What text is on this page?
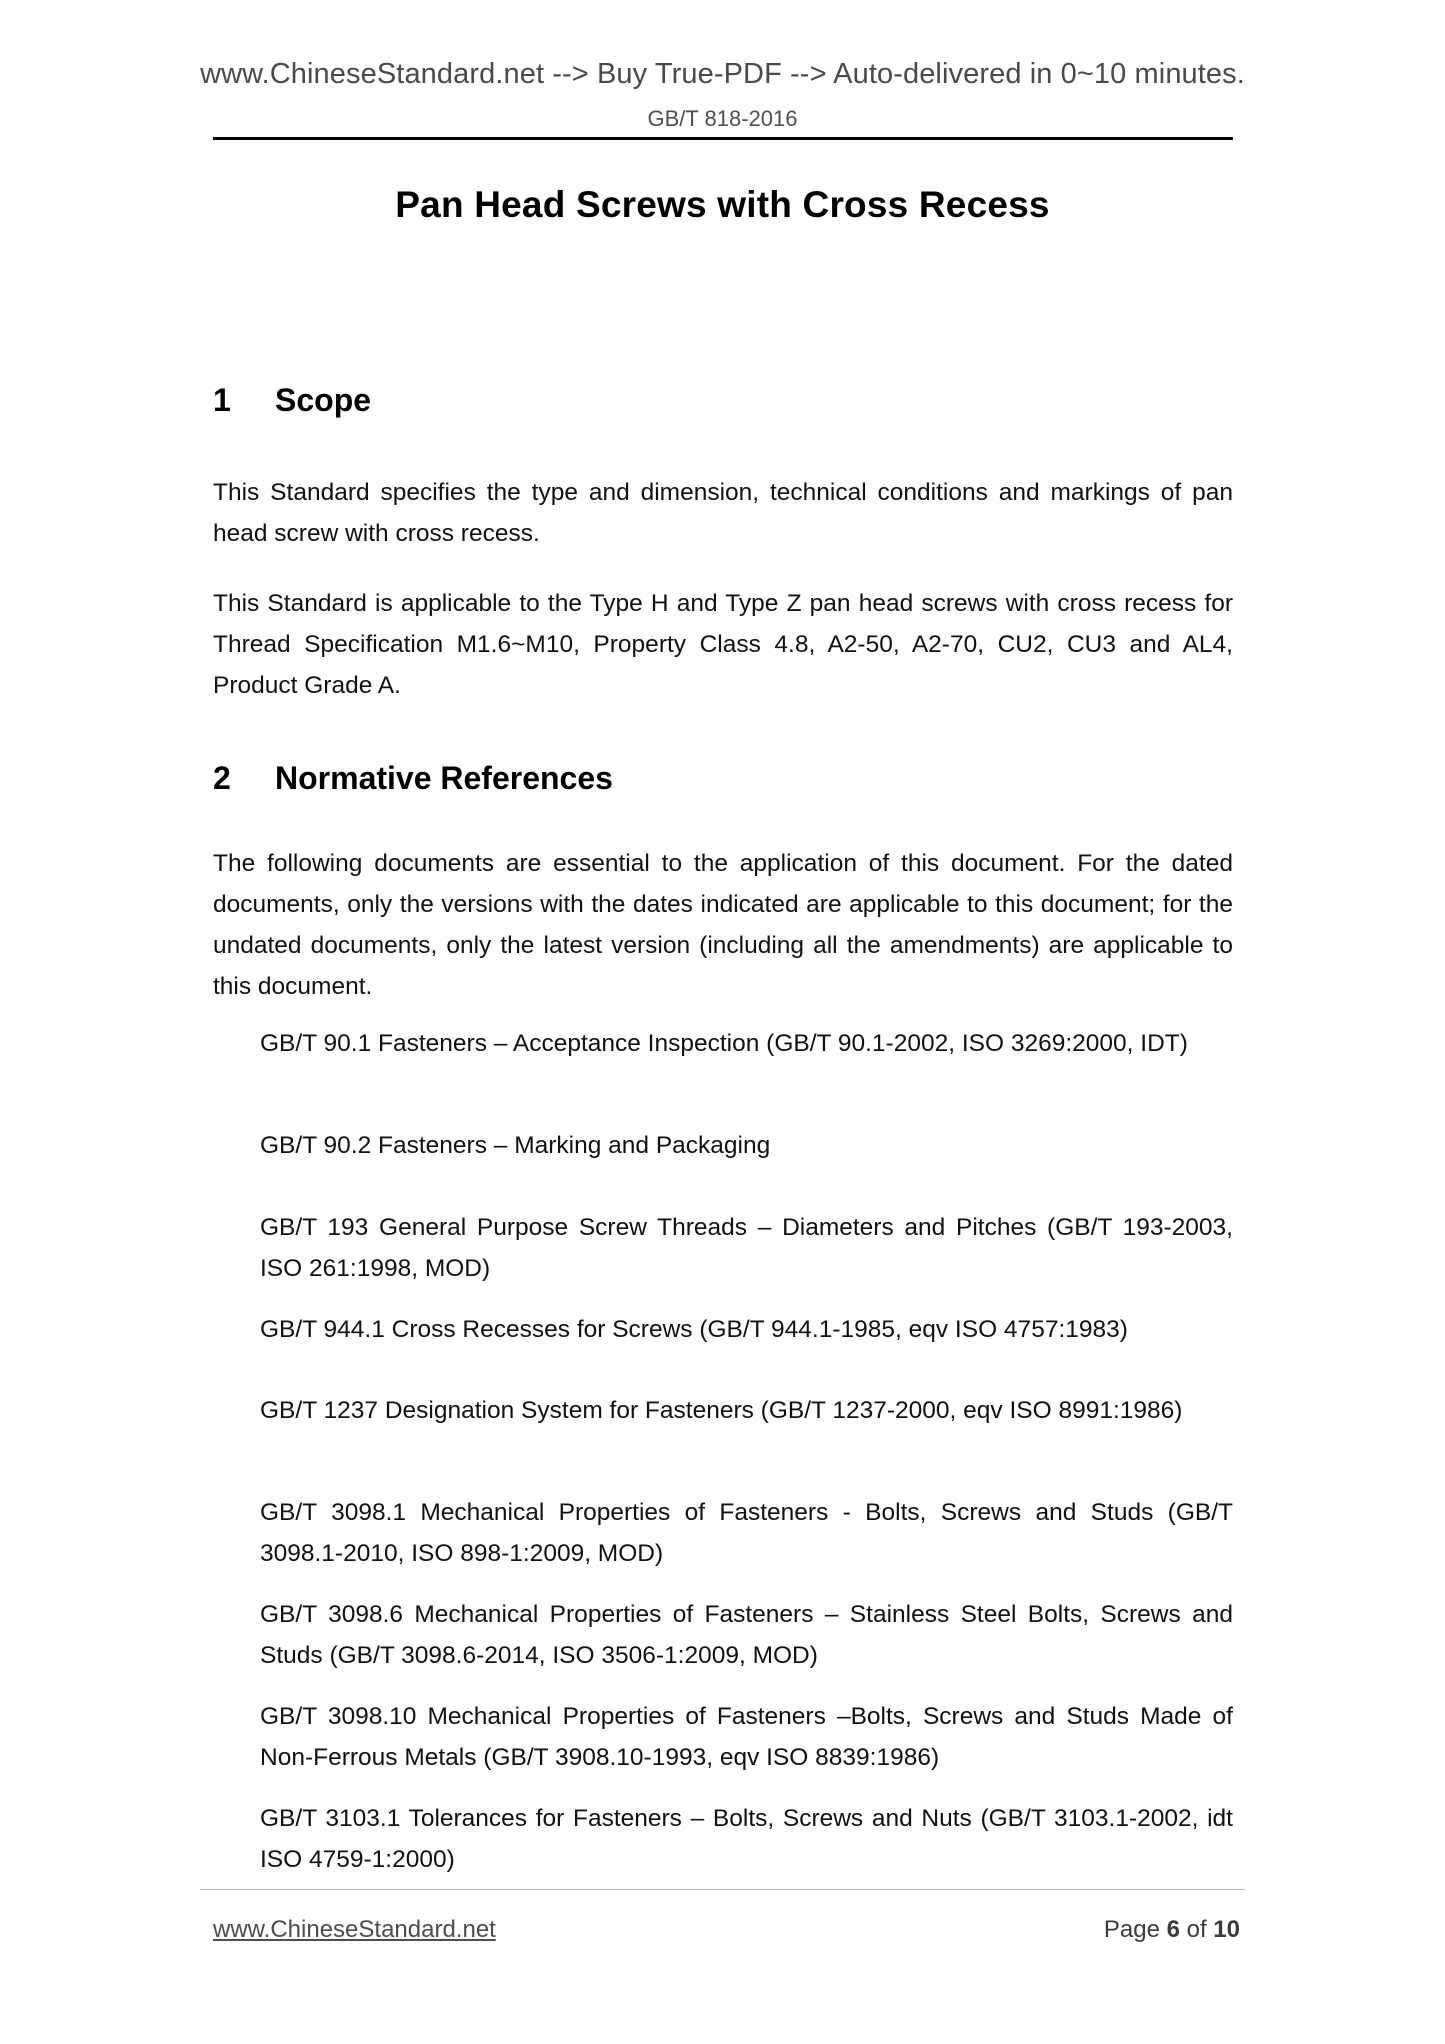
www.ChineseStandard.net --> Buy True-PDF --> Auto-delivered in 0~10 minutes.
GB/T 818-2016
Pan Head Screws with Cross Recess
1 Scope
This Standard specifies the type and dimension, technical conditions and markings of pan head screw with cross recess.
This Standard is applicable to the Type H and Type Z pan head screws with cross recess for Thread Specification M1.6~M10, Property Class 4.8, A2-50, A2-70, CU2, CU3 and AL4, Product Grade A.
2 Normative References
The following documents are essential to the application of this document. For the dated documents, only the versions with the dates indicated are applicable to this document; for the undated documents, only the latest version (including all the amendments) are applicable to this document.
GB/T 90.1 Fasteners – Acceptance Inspection (GB/T 90.1-2002, ISO 3269:2000, IDT)
GB/T 90.2 Fasteners – Marking and Packaging
GB/T 193 General Purpose Screw Threads – Diameters and Pitches (GB/T 193-2003, ISO 261:1998, MOD)
GB/T 944.1 Cross Recesses for Screws (GB/T 944.1-1985, eqv ISO 4757:1983)
GB/T 1237 Designation System for Fasteners (GB/T 1237-2000, eqv ISO 8991:1986)
GB/T 3098.1 Mechanical Properties of Fasteners - Bolts, Screws and Studs (GB/T 3098.1-2010, ISO 898-1:2009, MOD)
GB/T 3098.6 Mechanical Properties of Fasteners – Stainless Steel Bolts, Screws and Studs (GB/T 3098.6-2014, ISO 3506-1:2009, MOD)
GB/T 3098.10 Mechanical Properties of Fasteners –Bolts, Screws and Studs Made of Non-Ferrous Metals (GB/T 3908.10-1993, eqv ISO 8839:1986)
GB/T 3103.1 Tolerances for Fasteners – Bolts, Screws and Nuts (GB/T 3103.1-2002, idt ISO 4759-1:2000)
www.ChineseStandard.net	Page 6 of 10
